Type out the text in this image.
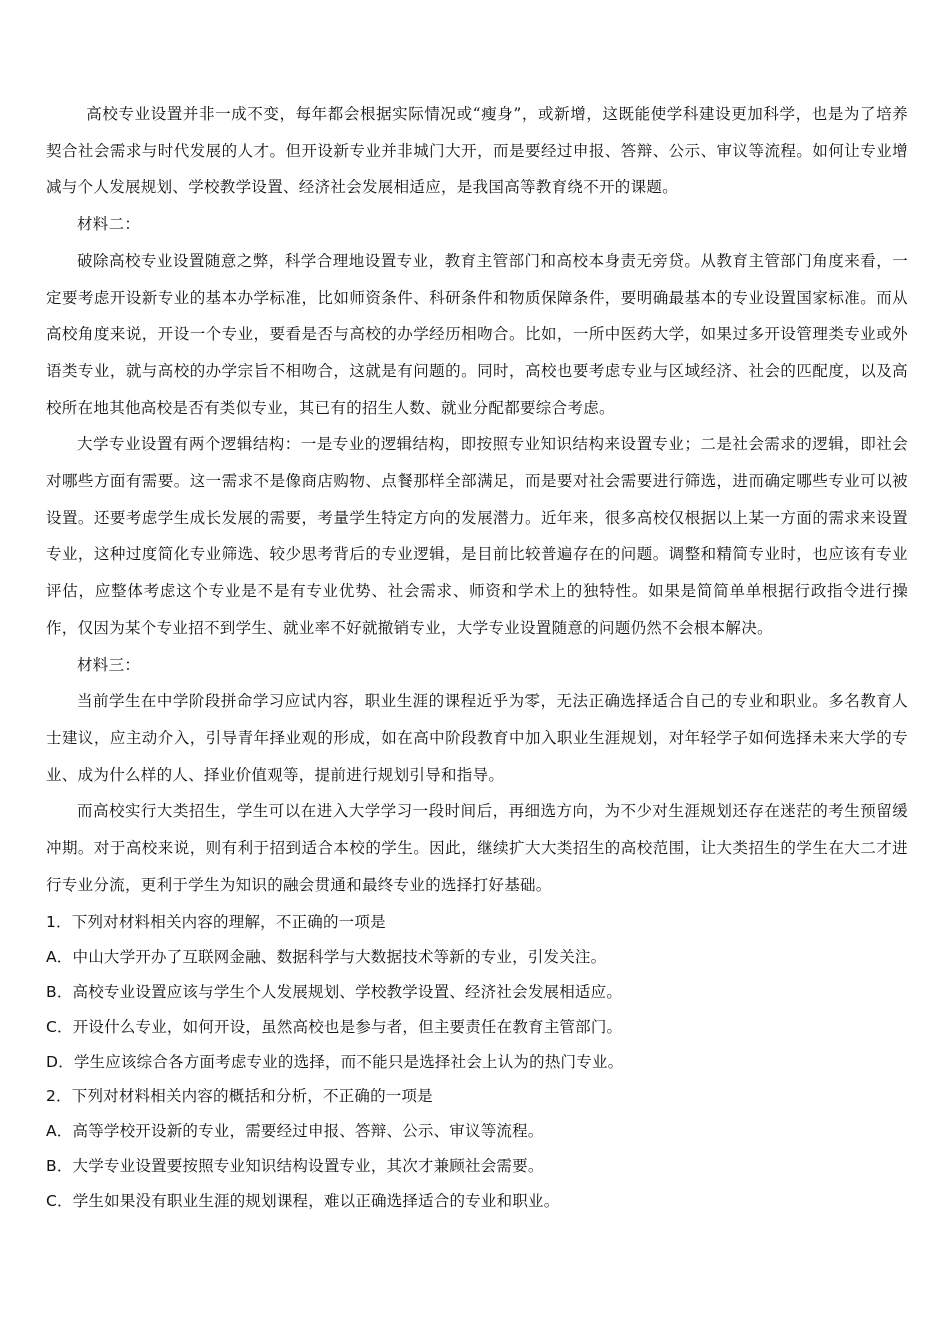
高校专业设置并非一成不变，每年都会根据实际情况或“瘦身”，或新增，这既能使学科建设更加科学，也是为了培养契合社会需求与时代发展的人才。但开设新专业并非城门大开，而是要经过申报、答辩、公示、审议等流程。如何让专业增减与个人发展规划、学校教学设置、经济社会发展相适应，是我国高等教育绕不开的课题。

材料二：

破除高校专业设置随意之弊，科学合理地设置专业，教育主管部门和高校本身责无旁贷。从教育主管部门角度来看，一定要考虑开设新专业的基本办学标准，比如师资条件、科研条件和物质保障条件，要明确最基本的专业设置国家标准。而从高校角度来说，开设一个专业，要看是否与高校的办学经历相吻合。比如，一所中医药大学，如果过多开设管理类专业或外语类专业，就与高校的办学宗旨不相吻合，这就是有问题的。同时，高校也要考虑专业与区域经济、社会的匹配度，以及高校所在地其他高校是否有类似专业，其已有的招生人数、就业分配都要综合考虑。

大学专业设置有两个逻辑结构：一是专业的逻辑结构，即按照专业知识结构来设置专业；二是社会需求的逻辑，即社会对哪些方面有需要。这一需求不是像商店购物、点餐那样全部满足，而是要对社会需要进行筛选，进而确定哪些专业可以被设置。还要考虑学生成长发展的需要，考量学生特定方向的发展潜力。近年来，很多高校仅根据以上某一方面的需求来设置专业，这种过度简化专业筛选、较少思考背后的专业逻辑，是目前比较普遍存在的问题。调整和精简专业时，也应该有专业评估，应整体考虑这个专业是不是有专业优势、社会需求、师资和学术上的独特性。如果是简简单单根据行政指令进行操作，仅因为某个专业招不到学生、就业率不好就撤销专业，大学专业设置随意的问题仍然不会根本解决。

材料三：

当前学生在中学阶段拼命学习应试内容，职业生涯的课程近乎为零，无法正确选择适合自己的专业和职业。多名教育人士建议，应主动介入，引导青年择业观的形成，如在高中阶段教育中加入职业生涯规划，对年轻学子如何选择未来大学的专业、成为什么样的人、择业价值观等，提前进行规划引导和指导。

而高校实行大类招生，学生可以在进入大学学习一段时间后，再细选方向，为不少对生涯规划还存在迷茫的考生预留缓冲期。对于高校来说，则有利于招到适合本校的学生。因此，继续扩大大类招生的高校范围，让大类招生的学生在大二才进行专业分流，更利于学生为知识的融会贯通和最终专业的选择打好基础。

1．下列对材料相关内容的理解，不正确的一项是

A．中山大学开办了互联网金融、数据科学与大数据技术等新的专业，引发关注。

B．高校专业设置应该与学生个人发展规划、学校教学设置、经济社会发展相适应。

C．开设什么专业，如何开设，虽然高校也是参与者，但主要责任在教育主管部门。

D．学生应该综合各方面考虑专业的选择，而不能只是选择社会上认为的热门专业。

2．下列对材料相关内容的概括和分析，不正确的一项是

A．高等学校开设新的专业，需要经过申报、答辩、公示、审议等流程。

B．大学专业设置要按照专业知识结构设置专业，其次才兼顾社会需要。

C．学生如果没有职业生涯的规划课程，难以正确选择适合的专业和职业。
